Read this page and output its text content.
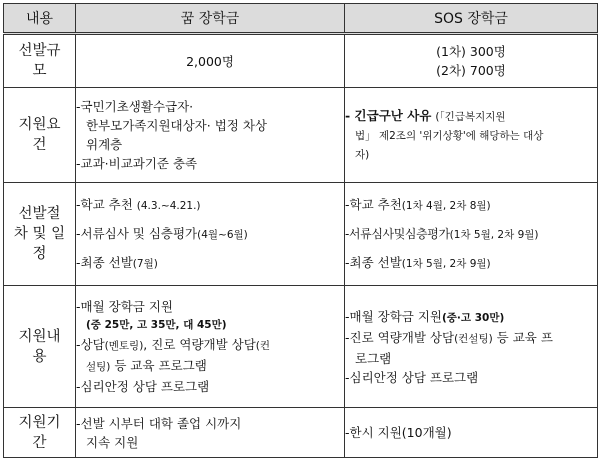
내용	꿈 장학금	SOS 장학금

선발규
모	2,000명	(1차) 300명
(2차) 700명

지원요
건	-국민기초생활수급자·
한부모가족지원대상자· 법정 차상
위계층
-교과·비교과기준 충족	- 긴급구난 사유 (「긴급복지지원
법」 제2조의 '위기상황'에 해당하는 대상
자)

선발절
차 및 일
정	-학교 추천 (4.3.~4.21.)
-서류심사 및 심층평가(4월~6월)
-최종 선발(7월)	-학교 추천(1차 4월, 2차 8월)
-서류심사및심층평가(1차 5월, 2차 9월)
-최종 선발(1차 5월, 2차 9월)

지원내
용	-매월 장학금 지원
(중 25만, 고 35만, 대 45만)
-상담(멘토링), 진로 역량개발 상담(컨
설팅) 등 교육 프로그램
-심리안정 상담 프로그램	-매월 장학금 지원(중·고 30만)
-진로 역량개발 상담(컨설팅) 등 교육 프
로그램
-심리안정 상담 프로그램

지원기
간	-선발 시부터 대학 졸업 시까지
지속 지원	-한시 지원(10개월)
